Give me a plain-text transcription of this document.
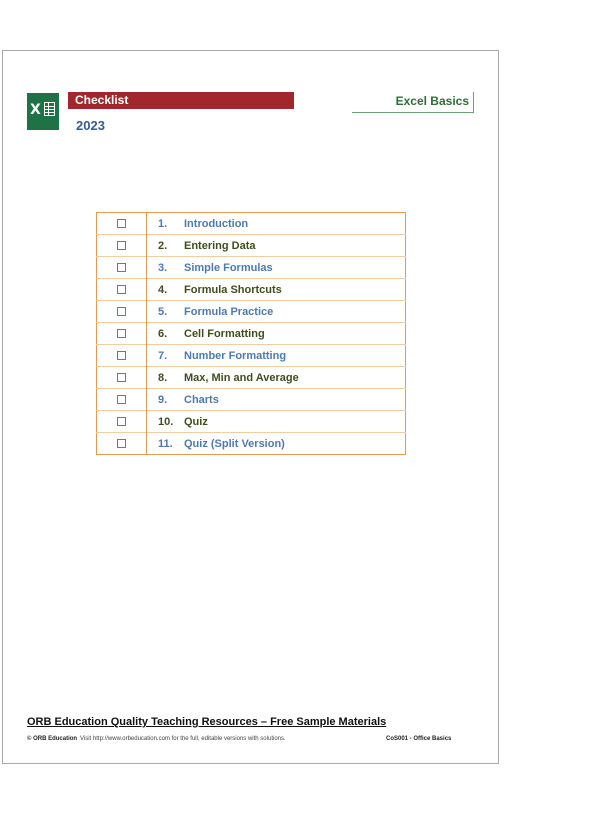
X
Checklist
2023
Excel Basics
	1.	Introduction
	2.	Entering Data
	3.	Simple Formulas
	4.	Formula Shortcuts
	5.	Formula Practice
	6.	Cell Formatting
	7.	Number Formatting
	8.	Max, Min and Average
	9.	Charts
	10.	Quiz
	11.	Quiz (Split Version)
ORB Education Quality Teaching Resources – Free Sample Materials
© ORB Education Visit http://www.orbeducation.com for the full, editable versions with solutions.	CoS001 - Office Basics
